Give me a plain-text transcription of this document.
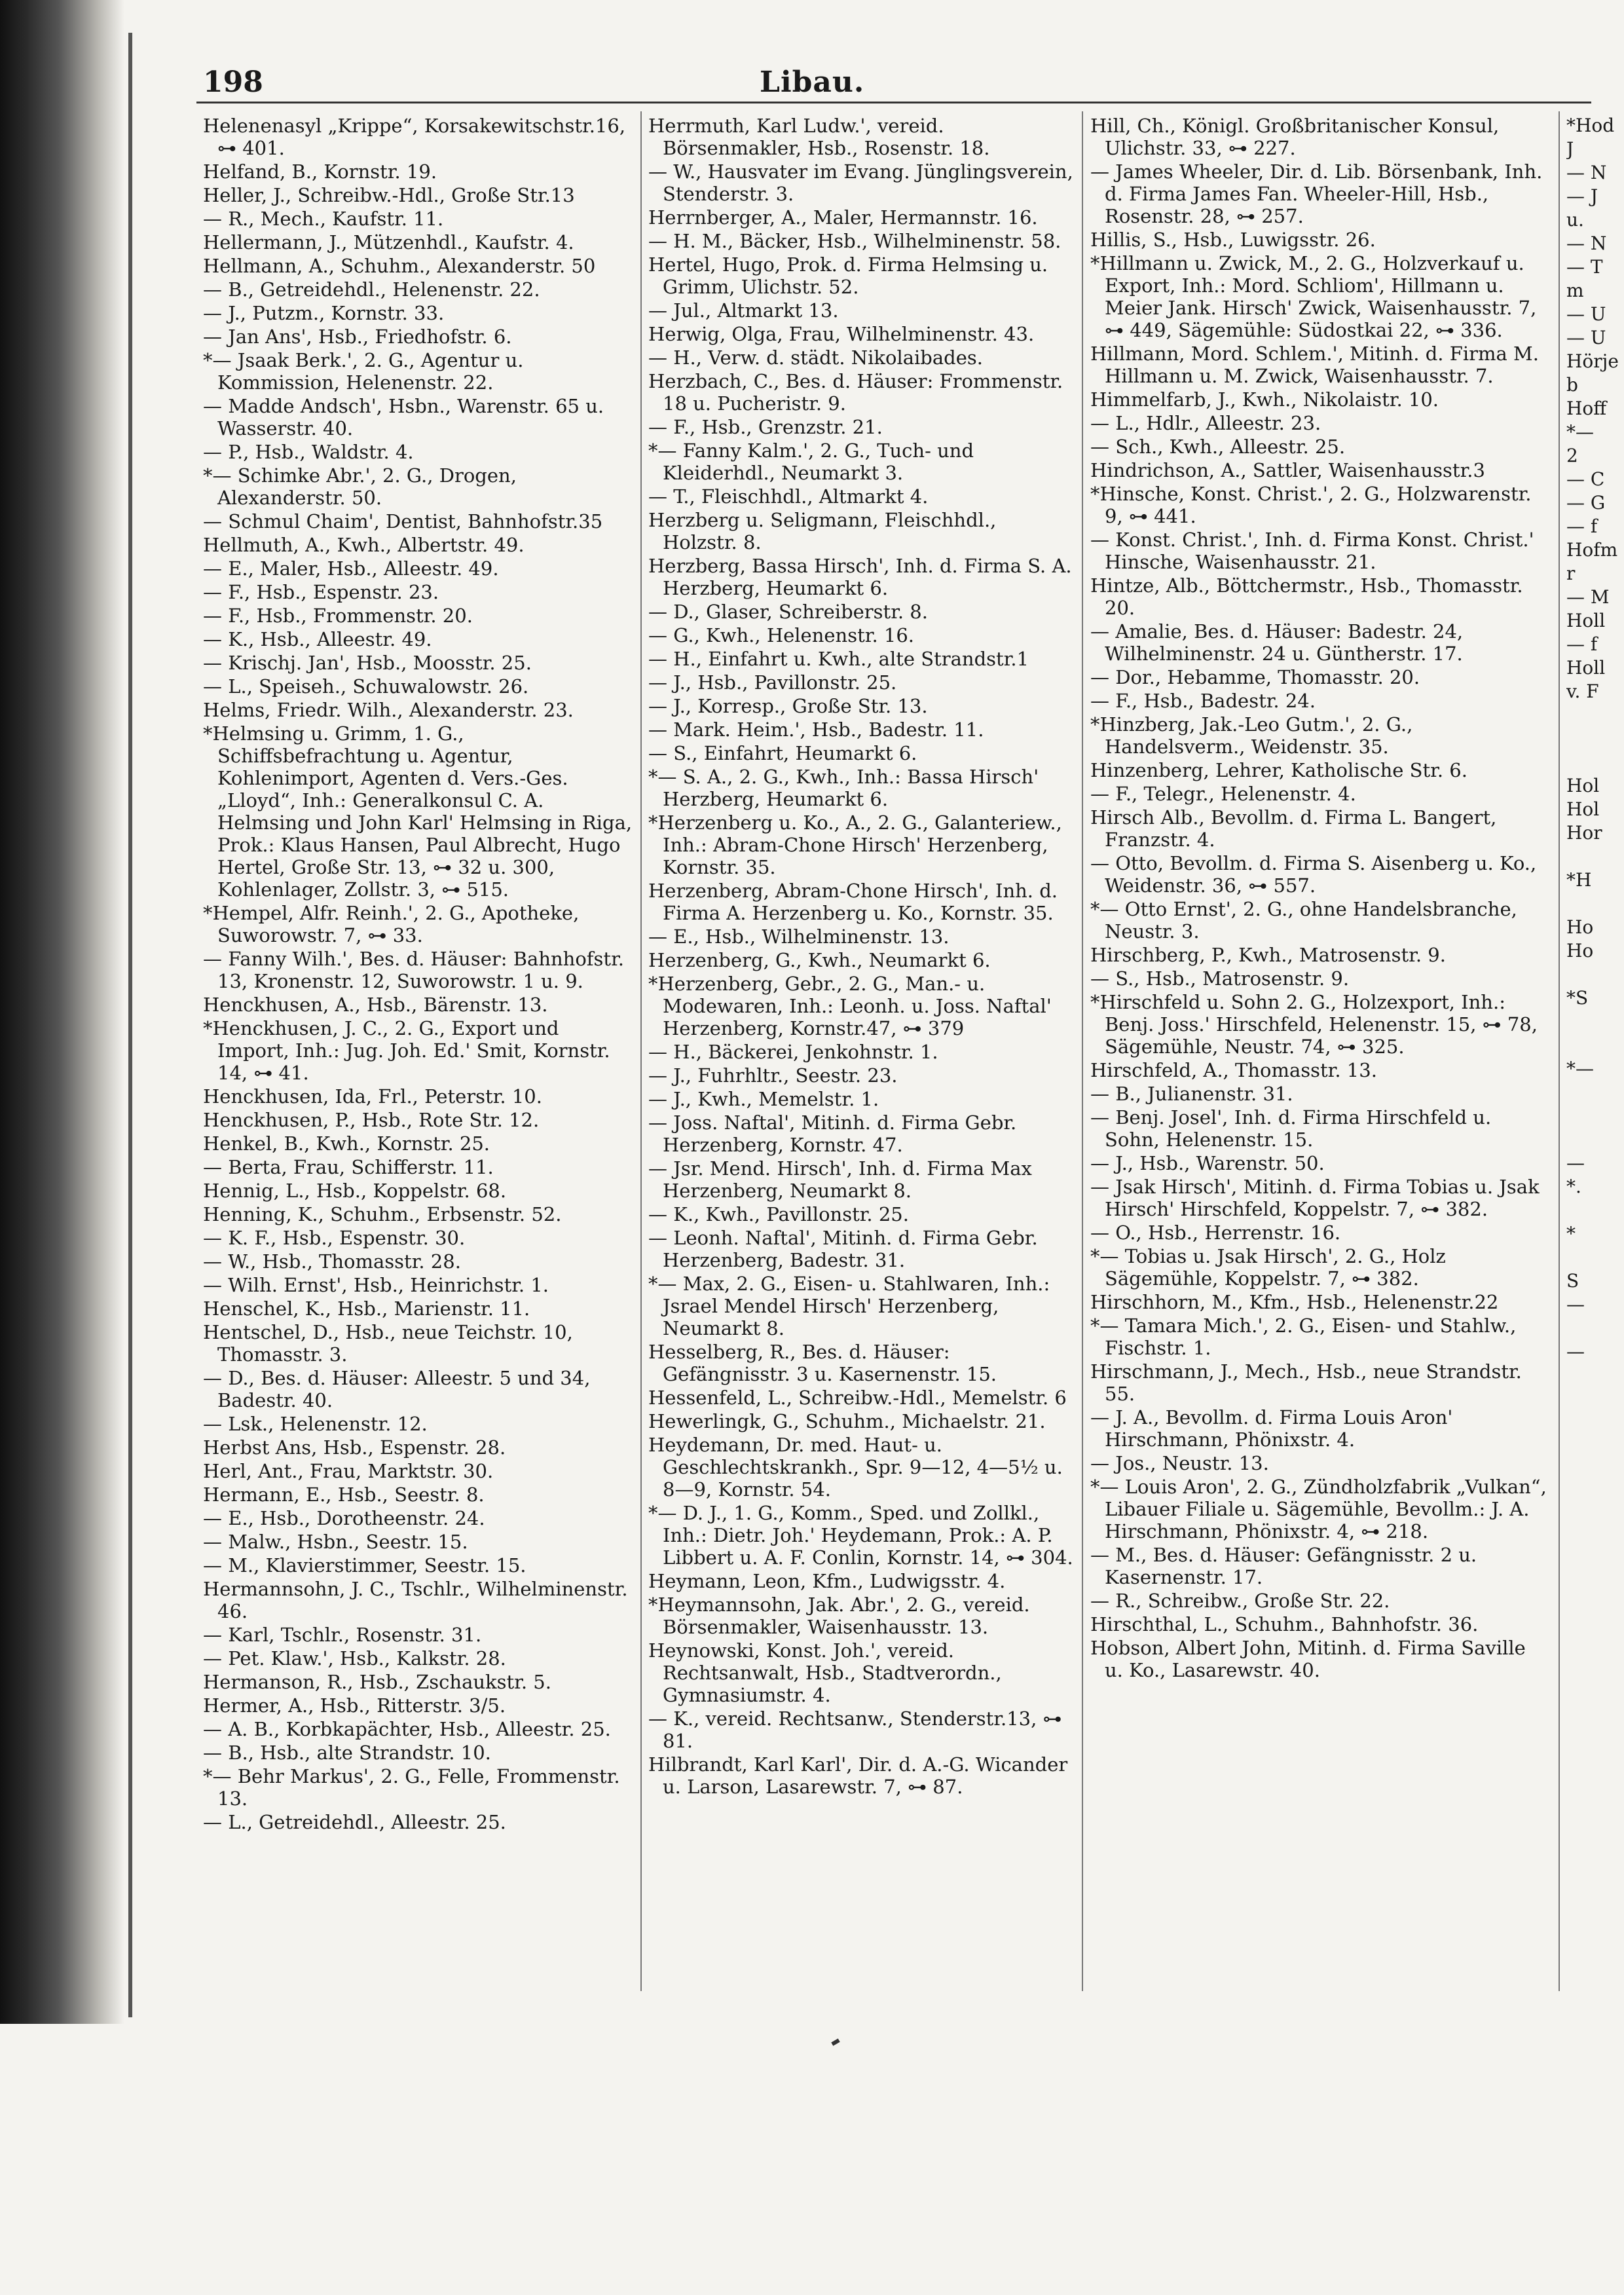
198	Libau.
Helenenasyl „Krippe“, Korsakewitschstr.16, ⊶ 401.
Helfand, B., Kornstr. 19.
Heller, J., Schreibw.-Hdl., Große Str.13
— R., Mech., Kaufstr. 11.
Hellermann, J., Mützenhdl., Kaufstr. 4.
Hellmann, A., Schuhm., Alexanderstr. 50
— B., Getreidehdl., Helenenstr. 22.
— J., Putzm., Kornstr. 33.
— Jan Ans', Hsb., Friedhofstr. 6.
*— Jsaak Berk.', 2. G., Agentur u. Kommission, Helenenstr. 22.
— Madde Andsch', Hsbn., Warenstr. 65 u. Wasserstr. 40.
— P., Hsb., Waldstr. 4.
*— Schimke Abr.', 2. G., Drogen, Alexanderstr. 50.
— Schmul Chaim', Dentist, Bahnhofstr.35
Hellmuth, A., Kwh., Albertstr. 49.
— E., Maler, Hsb., Alleestr. 49.
— F., Hsb., Espenstr. 23.
— F., Hsb., Frommenstr. 20.
— K., Hsb., Alleestr. 49.
— Krischj. Jan', Hsb., Moosstr. 25.
— L., Speiseh., Schuwalowstr. 26.
Helms, Friedr. Wilh., Alexanderstr. 23.
*Helmsing u. Grimm, 1. G., Schiffsbefrachtung u. Agentur, Kohlenimport, Agenten d. Vers.-Ges. „Lloyd“, Inh.: Generalkonsul C. A. Helmsing und John Karl' Helmsing in Riga, Prok.: Klaus Hansen, Paul Albrecht, Hugo Hertel, Große Str. 13, ⊶ 32 u. 300, Kohlenlager, Zollstr. 3, ⊶ 515.
*Hempel, Alfr. Reinh.', 2. G., Apotheke, Suworowstr. 7, ⊶ 33.
— Fanny Wilh.', Bes. d. Häuser: Bahnhofstr. 13, Kronenstr. 12, Suworowstr. 1 u. 9.
Henckhusen, A., Hsb., Bärenstr. 13.
*Henckhusen, J. C., 2. G., Export und Import, Inh.: Jug. Joh. Ed.' Smit, Kornstr. 14, ⊶ 41.
Henckhusen, Ida, Frl., Peterstr. 10.
Henckhusen, P., Hsb., Rote Str. 12.
Henkel, B., Kwh., Kornstr. 25.
— Berta, Frau, Schifferstr. 11.
Hennig, L., Hsb., Koppelstr. 68.
Henning, K., Schuhm., Erbsenstr. 52.
— K. F., Hsb., Espenstr. 30.
— W., Hsb., Thomasstr. 28.
— Wilh. Ernst', Hsb., Heinrichstr. 1.
Henschel, K., Hsb., Marienstr. 11.
Hentschel, D., Hsb., neue Teichstr. 10, Thomasstr. 3.
— D., Bes. d. Häuser: Alleestr. 5 und 34, Badestr. 40.
— Lsk., Helenenstr. 12.
Herbst Ans, Hsb., Espenstr. 28.
Herl, Ant., Frau, Marktstr. 30.
Hermann, E., Hsb., Seestr. 8.
— E., Hsb., Dorotheenstr. 24.
— Malw., Hsbn., Seestr. 15.
— M., Klavierstimmer, Seestr. 15.
Hermannsohn, J. C., Tschlr., Wilhelminenstr. 46.
— Karl, Tschlr., Rosenstr. 31.
— Pet. Klaw.', Hsb., Kalkstr. 28.
Hermanson, R., Hsb., Zschaukstr. 5.
Hermer, A., Hsb., Ritterstr. 3/5.
— A. B., Korbkapächter, Hsb., Alleestr. 25.
— B., Hsb., alte Strandstr. 10.
*— Behr Markus', 2. G., Felle, Frommenstr. 13.
— L., Getreidehdl., Alleestr. 25.
Herrmuth, Karl Ludw.', vereid. Börsenmakler, Hsb., Rosenstr. 18.
— W., Hausvater im Evang. Jünglingsverein, Stenderstr. 3.
Herrnberger, A., Maler, Hermannstr. 16.
— H. M., Bäcker, Hsb., Wilhelminenstr. 58.
Hertel, Hugo, Prok. d. Firma Helmsing u. Grimm, Ulichstr. 52.
— Jul., Altmarkt 13.
Herwig, Olga, Frau, Wilhelminenstr. 43.
— H., Verw. d. städt. Nikolaibades.
Herzbach, C., Bes. d. Häuser: Frommenstr. 18 u. Pucheristr. 9.
— F., Hsb., Grenzstr. 21.
*— Fanny Kalm.', 2. G., Tuch- und Kleiderhdl., Neumarkt 3.
— T., Fleischhdl., Altmarkt 4.
Herzberg u. Seligmann, Fleischhdl., Holzstr. 8.
Herzberg, Bassa Hirsch', Inh. d. Firma S. A. Herzberg, Heumarkt 6.
— D., Glaser, Schreiberstr. 8.
— G., Kwh., Helenenstr. 16.
— H., Einfahrt u. Kwh., alte Strandstr.1
— J., Hsb., Pavillonstr. 25.
— J., Korresp., Große Str. 13.
— Mark. Heim.', Hsb., Badestr. 11.
— S., Einfahrt, Heumarkt 6.
*— S. A., 2. G., Kwh., Inh.: Bassa Hirsch' Herzberg, Heumarkt 6.
*Herzenberg u. Ko., A., 2. G., Galanteriew., Inh.: Abram-Chone Hirsch' Herzenberg, Kornstr. 35.
Herzenberg, Abram-Chone Hirsch', Inh. d. Firma A. Herzenberg u. Ko., Kornstr. 35.
— E., Hsb., Wilhelminenstr. 13.
Herzenberg, G., Kwh., Neumarkt 6.
*Herzenberg, Gebr., 2. G., Man.- u. Modewaren, Inh.: Leonh. u. Joss. Naftal' Herzenberg, Kornstr.47, ⊶ 379
— H., Bäckerei, Jenkohnstr. 1.
— J., Fuhrhltr., Seestr. 23.
— J., Kwh., Memelstr. 1.
— Joss. Naftal', Mitinh. d. Firma Gebr. Herzenberg, Kornstr. 47.
— Jsr. Mend. Hirsch', Inh. d. Firma Max Herzenberg, Neumarkt 8.
— K., Kwh., Pavillonstr. 25.
— Leonh. Naftal', Mitinh. d. Firma Gebr. Herzenberg, Badestr. 31.
*— Max, 2. G., Eisen- u. Stahlwaren, Inh.: Jsrael Mendel Hirsch' Herzenberg, Neumarkt 8.
Hesselberg, R., Bes. d. Häuser: Gefängnisstr. 3 u. Kasernenstr. 15.
Hessenfeld, L., Schreibw.-Hdl., Memelstr. 6
Hewerlingk, G., Schuhm., Michaelstr. 21.
Heydemann, Dr. med. Haut- u. Geschlechtskrankh., Spr. 9—12, 4—5½ u. 8—9, Kornstr. 54.
*— D. J., 1. G., Komm., Sped. und Zollkl., Inh.: Dietr. Joh.' Heydemann, Prok.: A. P. Libbert u. A. F. Conlin, Kornstr. 14, ⊶ 304.
Heymann, Leon, Kfm., Ludwigsstr. 4.
*Heymannsohn, Jak. Abr.', 2. G., vereid. Börsenmakler, Waisenhausstr. 13.
Heynowski, Konst. Joh.', vereid. Rechtsanwalt, Hsb., Stadtverordn., Gymnasiumstr. 4.
— K., vereid. Rechtsanw., Stenderstr.13, ⊶ 81.
Hilbrandt, Karl Karl', Dir. d. A.-G. Wicander u. Larson, Lasarewstr. 7, ⊶ 87.
Hill, Ch., Königl. Großbritanischer Konsul, Ulichstr. 33, ⊶ 227.
— James Wheeler, Dir. d. Lib. Börsenbank, Inh. d. Firma James Fan. Wheeler-Hill, Hsb., Rosenstr. 28, ⊶ 257.
Hillis, S., Hsb., Luwigsstr. 26.
*Hillmann u. Zwick, M., 2. G., Holzverkauf u. Export, Inh.: Mord. Schliom', Hillmann u. Meier Jank. Hirsch' Zwick, Waisenhausstr. 7, ⊶ 449, Sägemühle: Südostkai 22, ⊶ 336.
Hillmann, Mord. Schlem.', Mitinh. d. Firma M. Hillmann u. M. Zwick, Waisenhausstr. 7.
Himmelfarb, J., Kwh., Nikolaistr. 10.
— L., Hdlr., Alleestr. 23.
— Sch., Kwh., Alleestr. 25.
Hindrichson, A., Sattler, Waisenhausstr.3
*Hinsche, Konst. Christ.', 2. G., Holzwarenstr. 9, ⊶ 441.
— Konst. Christ.', Inh. d. Firma Konst. Christ.' Hinsche, Waisenhausstr. 21.
Hintze, Alb., Böttchermstr., Hsb., Thomasstr. 20.
— Amalie, Bes. d. Häuser: Badestr. 24, Wilhelminenstr. 24 u. Güntherstr. 17.
— Dor., Hebamme, Thomasstr. 20.
— F., Hsb., Badestr. 24.
*Hinzberg, Jak.-Leo Gutm.', 2. G., Handelsverm., Weidenstr. 35.
Hinzenberg, Lehrer, Katholische Str. 6.
— F., Telegr., Helenenstr. 4.
Hirsch Alb., Bevollm. d. Firma L. Bangert, Franzstr. 4.
— Otto, Bevollm. d. Firma S. Aisenberg u. Ko., Weidenstr. 36, ⊶ 557.
*— Otto Ernst', 2. G., ohne Handelsbranche, Neustr. 3.
Hirschberg, P., Kwh., Matrosenstr. 9.
— S., Hsb., Matrosenstr. 9.
*Hirschfeld u. Sohn 2. G., Holzexport, Inh.: Benj. Joss.' Hirschfeld, Helenenstr. 15, ⊶ 78, Sägemühle, Neustr. 74, ⊶ 325.
Hirschfeld, A., Thomasstr. 13.
— B., Julianenstr. 31.
— Benj. Josel', Inh. d. Firma Hirschfeld u. Sohn, Helenenstr. 15.
— J., Hsb., Warenstr. 50.
— Jsak Hirsch', Mitinh. d. Firma Tobias u. Jsak Hirsch' Hirschfeld, Koppelstr. 7, ⊶ 382.
— O., Hsb., Herrenstr. 16.
*— Tobias u. Jsak Hirsch', 2. G., Holz Sägemühle, Koppelstr. 7, ⊶ 382.
Hirschhorn, M., Kfm., Hsb., Helenenstr.22
*— Tamara Mich.', 2. G., Eisen- und Stahlw., Fischstr. 1.
Hirschmann, J., Mech., Hsb., neue Strandstr. 55.
— J. A., Bevollm. d. Firma Louis Aron' Hirschmann, Phönixstr. 4.
— Jos., Neustr. 13.
*— Louis Aron', 2. G., Zündholzfabrik „Vulkan“, Libauer Filiale u. Sägemühle, Bevollm.: J. A. Hirschmann, Phönixstr. 4, ⊶ 218.
— M., Bes. d. Häuser: Gefängnisstr. 2 u. Kasernenstr. 17.
— R., Schreibw., Große Str. 22.
Hirschthal, L., Schuhm., Bahnhofstr. 36.
Hobson, Albert John, Mitinh. d. Firma Saville u. Ko., Lasarewstr. 40.
*Hod
J
— N
— J
u.
— N
— T
m
— U
— U
Hörje
b
Hoff
*—
2
— C
— G
— f
Hofm
r
— M
Holl
— f
Holl
v. F

Hol
Hol
Hor

*H

Ho
Ho

*S

*—

—
*.

*

S
—

—
